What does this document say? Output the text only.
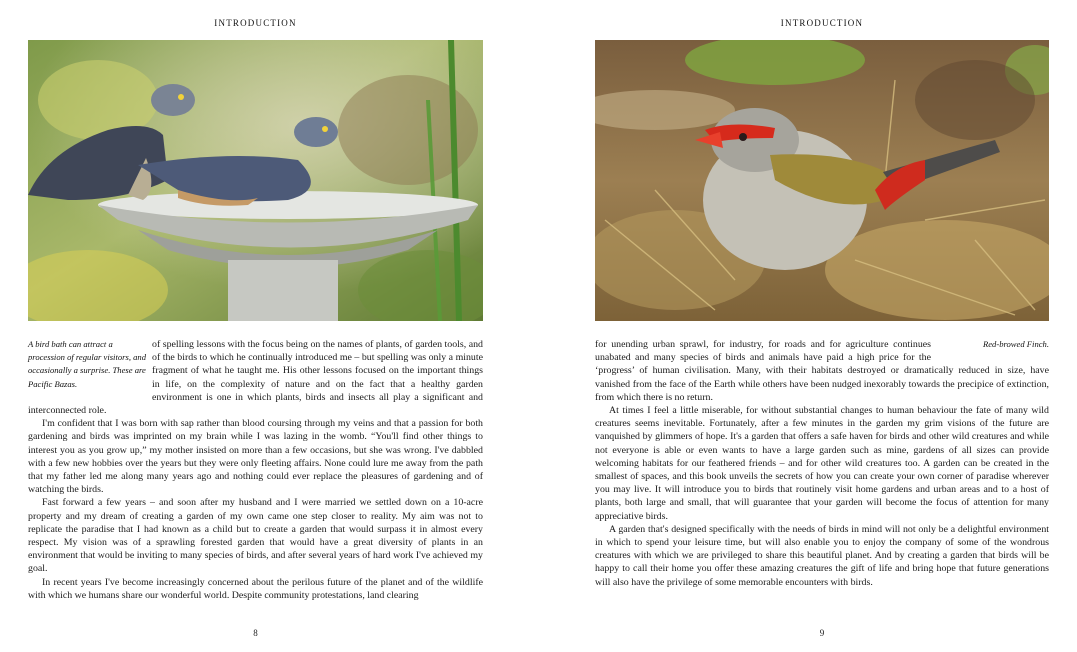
INTRODUCTION
A bird bath can attract a procession of regular visitors, and occasionally a surprise. These are Pacific Bazas.

of spelling lessons with the focus being on the names of plants, of garden tools, and of the birds to which he continually introduced me – but spelling was only a minute fragment of what he taught me. His other lessons focused on the important things in life, on the complexity of nature and on the fact that a healthy garden environment is one in which plants, birds and insects all play a significant and interconnected role.

I'm confident that I was born with sap rather than blood coursing through my veins and that a passion for both gardening and birds was imprinted on my brain while I was lazing in the womb. “You'll find other things to interest you as you grow up,” my mother insisted on more than a few occasions, but she was wrong. I've dabbled with a few new hobbies over the years but they were only fleeting affairs. None could lure me away from the path that my father led me along many years ago and nothing could ever replace the pleasures of gardening and of watching the birds.

Fast forward a few years – and soon after my husband and I were married we settled down on a 10-acre property and my dream of creating a garden of my own came one step closer to reality. My aim was not to replicate the paradise that I had known as a child but to create a garden that would surpass it in almost every respect. My vision was of a sprawling forested garden that would have a great diversity of plants in an environment that would be inviting to many species of birds, and after several years of hard work I've achieved my goal.

In recent years I've become increasingly concerned about the perilous future of the planet and of the wildlife with which we humans share our wonderful world. Despite community protestations, land clearing

8
INTRODUCTION
Red-browed Finch.

for unending urban sprawl, for industry, for roads and for agriculture continues unabated and many species of birds and animals have paid a high price for the ‘progress’ of human civilisation. Many, with their habitats destroyed or dramatically reduced in size, have vanished from the face of the Earth while others have been nudged inexorably towards the precipice of extinction, from which there is no return.

At times I feel a little miserable, for without substantial changes to human behaviour the fate of many wild creatures seems inevitable. Fortunately, after a few minutes in the garden my grim visions of the future are vanquished by glimmers of hope. It's a garden that offers a safe haven for birds and other wild creatures and while not everyone is able or even wants to have a large garden such as mine, gardens of all sizes can provide welcoming habitats for our feathered friends – and for other wild creatures too. A garden can be created in the smallest of spaces, and this book unveils the secrets of how you can create your own corner of paradise wherever you may live. It will introduce you to birds that routinely visit home gardens and urban areas and to a host of plants, both large and small, that will guarantee that your garden will become the focus of attention for many appreciative birds.

A garden that's designed specifically with the needs of birds in mind will not only be a delightful environment in which to spend your leisure time, but will also enable you to enjoy the company of some of the wondrous creatures with which we are privileged to share this beautiful planet. And by creating a garden that birds will be happy to call their home you offer these amazing creatures the gift of life and bring hope that future generations will also have the privilege of some memorable encounters with birds.

9
